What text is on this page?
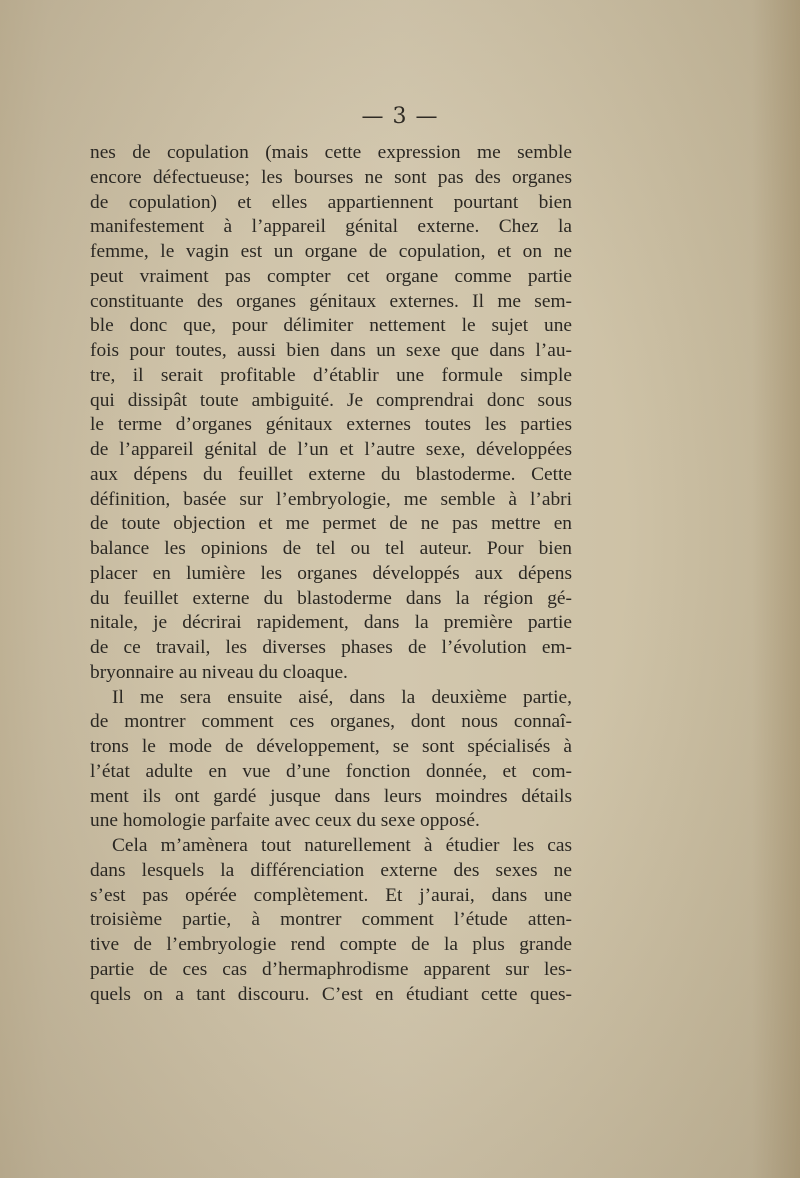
— 3 —
nes de copulation (mais cette expression me semble
encore défectueuse; les bourses ne sont pas des organes
de copulation) et elles appartiennent pourtant bien
manifestement à l’appareil génital externe. Chez la
femme, le vagin est un organe de copulation, et on ne
peut vraiment pas compter cet organe comme partie
constituante des organes génitaux externes. Il me sem-
ble donc que, pour délimiter nettement le sujet une
fois pour toutes, aussi bien dans un sexe que dans l’au-
tre, il serait profitable d’établir une formule simple
qui dissipât toute ambiguité. Je comprendrai donc sous
le terme d’organes génitaux externes toutes les parties
de l’appareil génital de l’un et l’autre sexe, développées
aux dépens du feuillet externe du blastoderme. Cette
définition, basée sur l’embryologie, me semble à l’abri
de toute objection et me permet de ne pas mettre en
balance les opinions de tel ou tel auteur. Pour bien
placer en lumière les organes développés aux dépens
du feuillet externe du blastoderme dans la région gé-
nitale, je décrirai rapidement, dans la première partie
de ce travail, les diverses phases de l’évolution em-
bryonnaire au niveau du cloaque.
Il me sera ensuite aisé, dans la deuxième partie,
de montrer comment ces organes, dont nous connaî-
trons le mode de développement, se sont spécialisés à
l’état adulte en vue d’une fonction donnée, et com-
ment ils ont gardé jusque dans leurs moindres détails
une homologie parfaite avec ceux du sexe opposé.
Cela m’amènera tout naturellement à étudier les cas
dans lesquels la différenciation externe des sexes ne
s’est pas opérée complètement. Et j’aurai, dans une
troisième partie, à montrer comment l’étude atten-
tive de l’embryologie rend compte de la plus grande
partie de ces cas d’hermaphrodisme apparent sur les-
quels on a tant discouru. C’est en étudiant cette ques-
